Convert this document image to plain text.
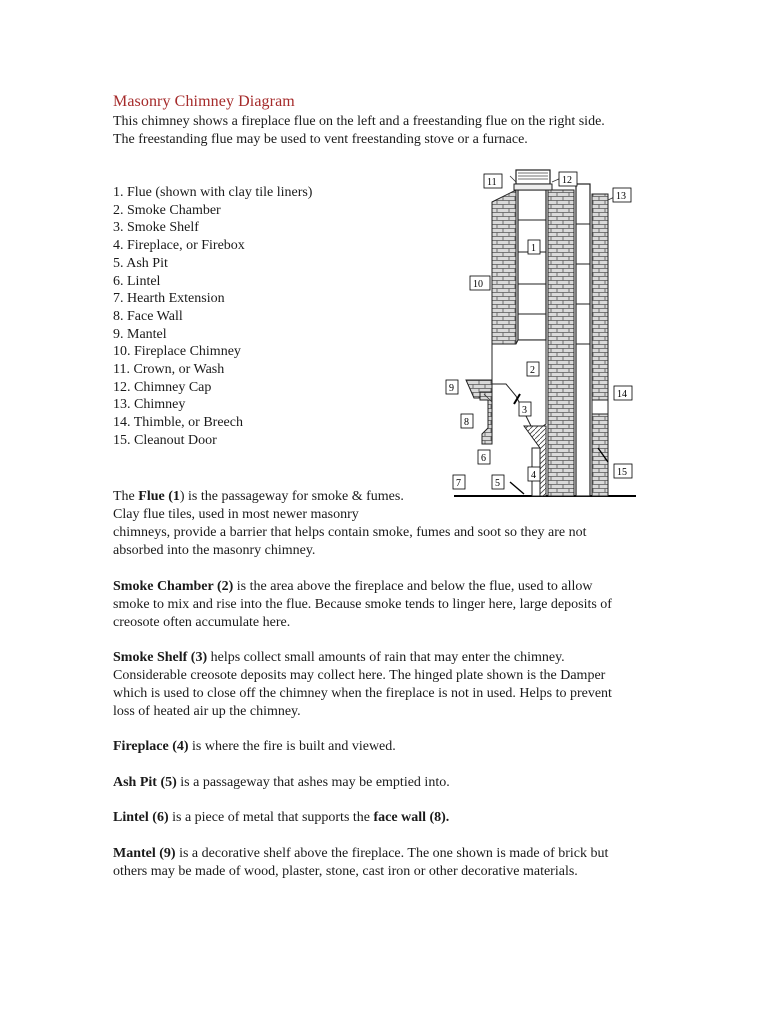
Masonry Chimney Diagram
This chimney shows a fireplace flue on the left and a freestanding flue on the right side.
The freestanding flue may be used to vent freestanding stove or a furnace.
1. Flue (shown with clay tile liners)
2. Smoke Chamber
3. Smoke Shelf
4. Fireplace, or Firebox
5. Ash Pit
6. Lintel
7. Hearth Extension
8. Face Wall
9. Mantel
10. Fireplace Chimney
11. Crown, or Wash
12. Chimney Cap
13. Chimney
14. Thimble, or Breech
15. Cleanout Door
11	12
13
1
10
2
9
14
3
8
6
15
4
7	5
The Flue (1) is the passageway for smoke & fumes.
Clay flue tiles, used in most newer masonry
chimneys, provide a barrier that helps contain smoke, fumes and soot so they are not
absorbed into the masonry chimney.
Smoke Chamber (2) is the area above the fireplace and below the flue, used to allow
smoke to mix and rise into the flue. Because smoke tends to linger here, large deposits of
creosote often accumulate here.
Smoke Shelf (3) helps collect small amounts of rain that may enter the chimney.
Considerable creosote deposits may collect here. The hinged plate shown is the Damper
which is used to close off the chimney when the fireplace is not in used. Helps to prevent
loss of heated air up the chimney.
Fireplace (4) is where the fire is built and viewed.
Ash Pit (5) is a passageway that ashes may be emptied into.
Lintel (6) is a piece of metal that supports the face wall (8).
Mantel (9) is a decorative shelf above the fireplace. The one shown is made of brick but
others may be made of wood, plaster, stone, cast iron or other decorative materials.
